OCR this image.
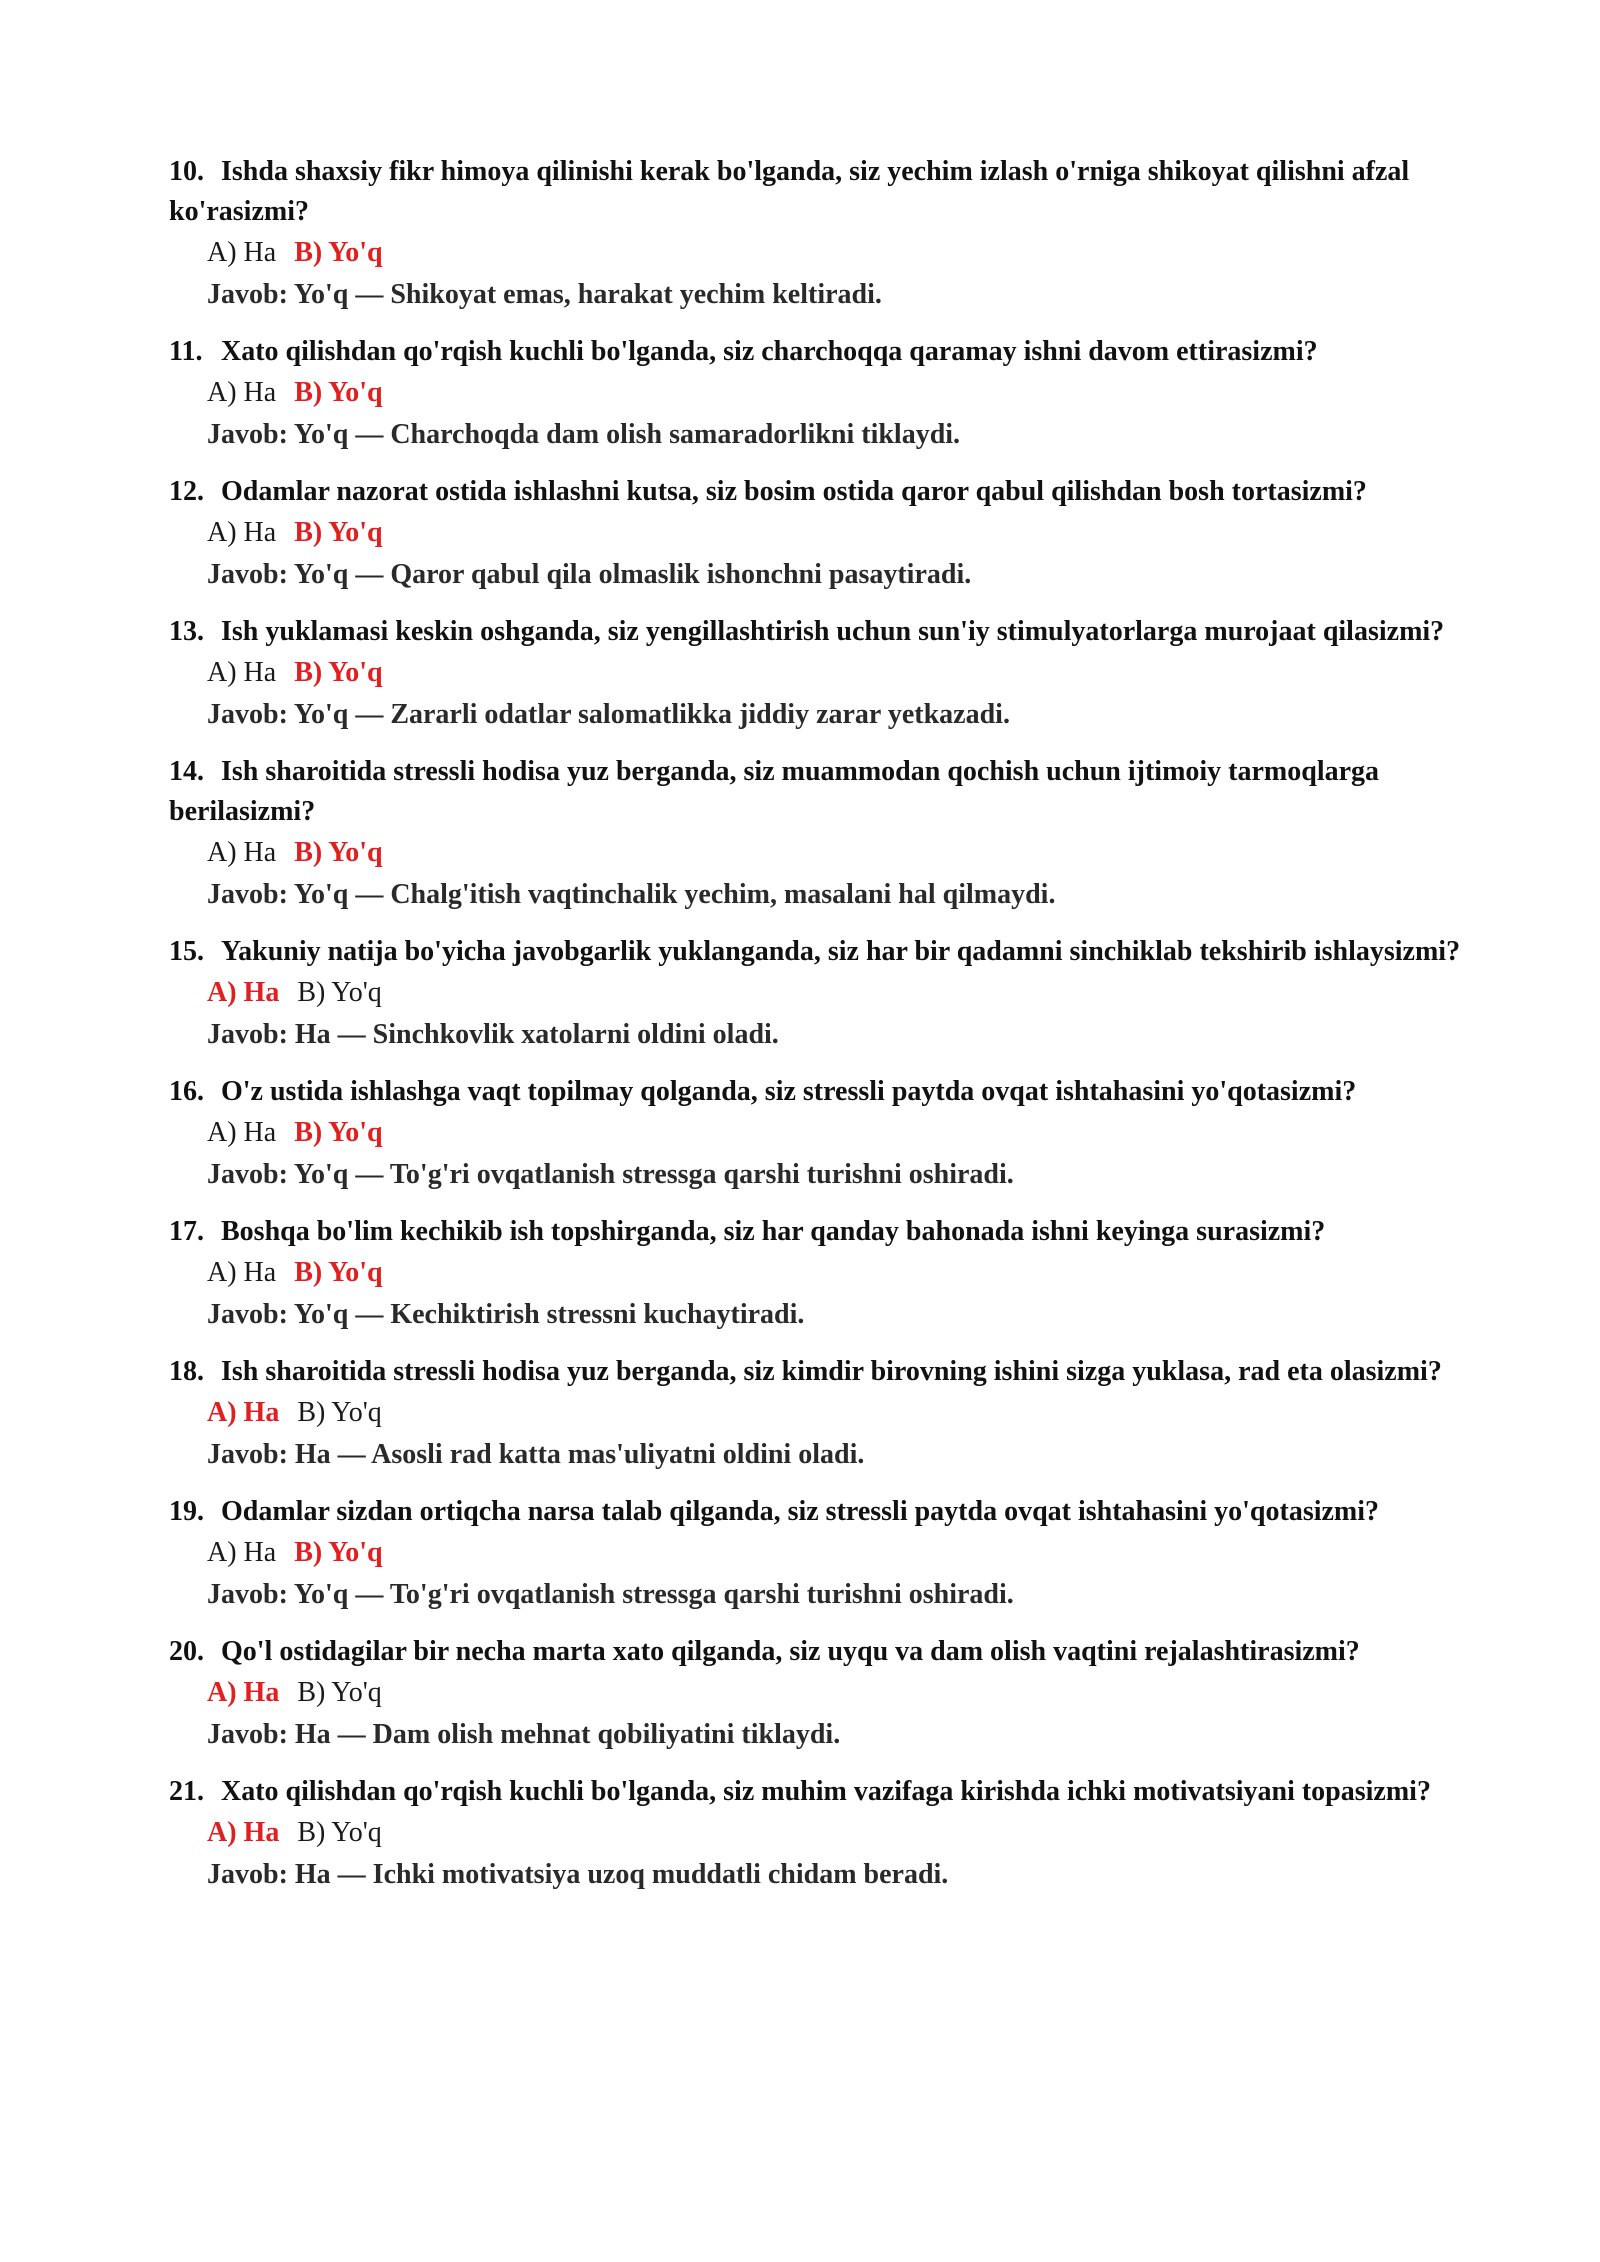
10. Ishda shaxsiy fikr himoya qilinishi kerak bo'lganda, siz yechim izlash o'rniga shikoyat qilishni afzal ko'rasizmi?
A) Ha B) Yo'q
Javob: Yo'q — Shikoyat emas, harakat yechim keltiradi.
11. Xato qilishdan qo'rqish kuchli bo'lganda, siz charchoqqa qaramay ishni davom ettirasizmi?
A) Ha B) Yo'q
Javob: Yo'q — Charchoqda dam olish samaradorlikni tiklaydi.
12. Odamlar nazorat ostida ishlashni kutsa, siz bosim ostida qaror qabul qilishdan bosh tortasizmi?
A) Ha B) Yo'q
Javob: Yo'q — Qaror qabul qila olmaslik ishonchni pasaytiradi.
13. Ish yuklamasi keskin oshganda, siz yengillashtirish uchun sun'iy stimulyatorlarga murojaat qilasizmi?
A) Ha B) Yo'q
Javob: Yo'q — Zararli odatlar salomatlikka jiddiy zarar yetkazadi.
14. Ish sharoitida stressli hodisa yuz berganda, siz muammodan qochish uchun ijtimoiy tarmoqlarga berilasizmi?
A) Ha B) Yo'q
Javob: Yo'q — Chalg'itish vaqtinchalik yechim, masalani hal qilmaydi.
15. Yakuniy natija bo'yicha javobgarlik yuklanganda, siz har bir qadamni sinchiklab tekshirib ishlaysizmi?
A) Ha B) Yo'q
Javob: Ha — Sinchkovlik xatolarni oldini oladi.
16. O'z ustida ishlashga vaqt topilmay qolganda, siz stressli paytda ovqat ishtahasini yo'qotasizmi?
A) Ha B) Yo'q
Javob: Yo'q — To'g'ri ovqatlanish stressga qarshi turishni oshiradi.
17. Boshqa bo'lim kechikib ish topshirganda, siz har qanday bahonada ishni keyinga surasizmi?
A) Ha B) Yo'q
Javob: Yo'q — Kechiktirish stressni kuchaytiradi.
18. Ish sharoitida stressli hodisa yuz berganda, siz kimdir birovning ishini sizga yuklasa, rad eta olasizmi?
A) Ha B) Yo'q
Javob: Ha — Asosli rad katta mas'uliyatni oldini oladi.
19. Odamlar sizdan ortiqcha narsa talab qilganda, siz stressli paytda ovqat ishtahasini yo'qotasizmi?
A) Ha B) Yo'q
Javob: Yo'q — To'g'ri ovqatlanish stressga qarshi turishni oshiradi.
20. Qo'l ostidagilar bir necha marta xato qilganda, siz uyqu va dam olish vaqtini rejalashtirasizmi?
A) Ha B) Yo'q
Javob: Ha — Dam olish mehnat qobiliyatini tiklaydi.
21. Xato qilishdan qo'rqish kuchli bo'lganda, siz muhim vazifaga kirishda ichki motivatsiyani topasizmi?
A) Ha B) Yo'q
Javob: Ha — Ichki motivatsiya uzoq muddatli chidam beradi.
